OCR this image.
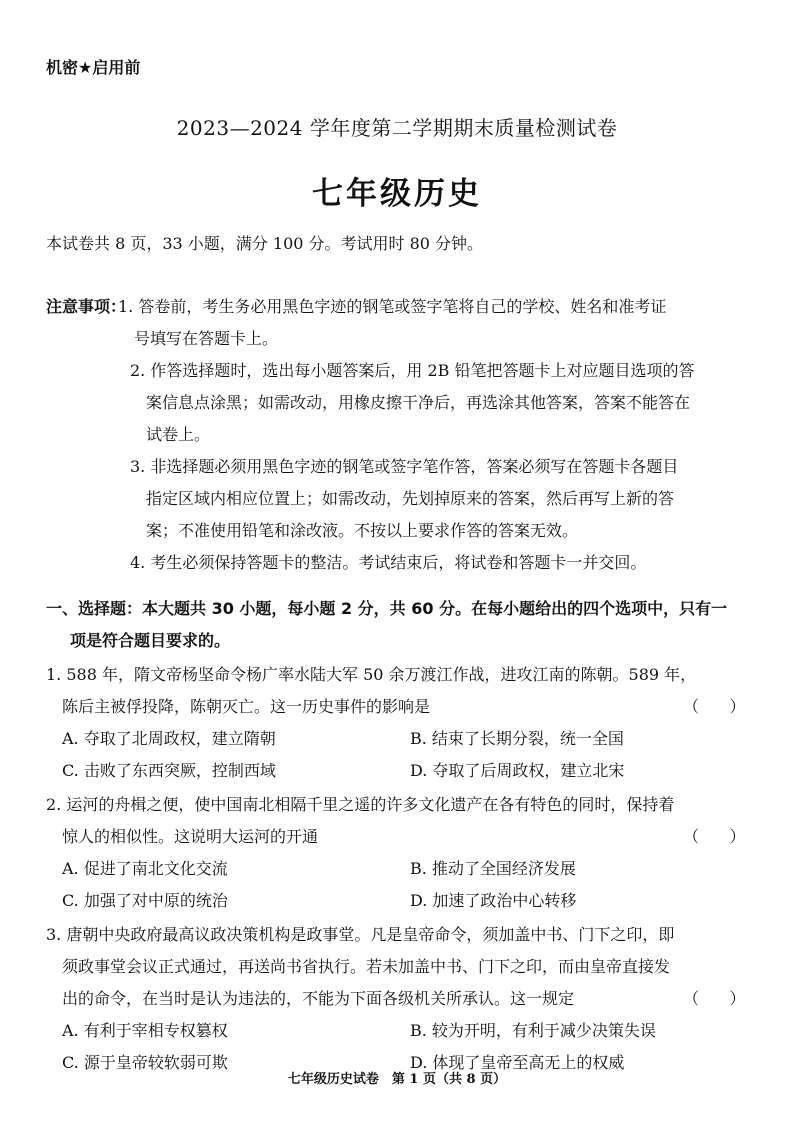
机密★启用前
2023—2024 学年度第二学期期末质量检测试卷
七年级历史
本试卷共 8 页，33 小题，满分 100 分。考试用时 80 分钟。
注意事项：
1. 答卷前，考生务必用黑色字迹的钢笔或签字笔将自己的学校、姓名和准考证
号填写在答题卡上。
2. 作答选择题时，选出每小题答案后，用 2B 铅笔把答题卡上对应题目选项的答
案信息点涂黑；如需改动，用橡皮擦干净后，再选涂其他答案，答案不能答在
试卷上。
3. 非选择题必须用黑色字迹的钢笔或签字笔作答，答案必须写在答题卡各题目
指定区域内相应位置上；如需改动，先划掉原来的答案，然后再写上新的答
案；不准使用铅笔和涂改液。不按以上要求作答的答案无效。
4. 考生必须保持答题卡的整洁。考试结束后，将试卷和答题卡一并交回。
一、选择题：本大题共 30 小题，每小题 2 分，共 60 分。在每小题给出的四个选项中，只有一
项是符合题目要求的。
1. 588 年，隋文帝杨坚命令杨广率水陆大军 50 余万渡江作战，进攻江南的陈朝。589 年，
陈后主被俘投降，陈朝灭亡。这一历史事件的影响是	（      ）
A. 夺取了北周政权，建立隋朝	B. 结束了长期分裂，统一全国
C. 击败了东西突厥，控制西域	D. 夺取了后周政权，建立北宋
2. 运河的舟楫之便，使中国南北相隔千里之遥的许多文化遗产在各有特色的同时，保持着
惊人的相似性。这说明大运河的开通	（      ）
A. 促进了南北文化交流	B. 推动了全国经济发展
C. 加强了对中原的统治	D. 加速了政治中心转移
3. 唐朝中央政府最高议政决策机构是政事堂。凡是皇帝命令，须加盖中书、门下之印，即
须政事堂会议正式通过，再送尚书省执行。若未加盖中书、门下之印，而由皇帝直接发
出的命令，在当时是认为违法的，不能为下面各级机关所承认。这一规定	（      ）
A. 有利于宰相专权篡权	B. 较为开明，有利于减少决策失误
C. 源于皇帝较软弱可欺	D. 体现了皇帝至高无上的权威
七年级历史试卷　第 1 页（共 8 页）
